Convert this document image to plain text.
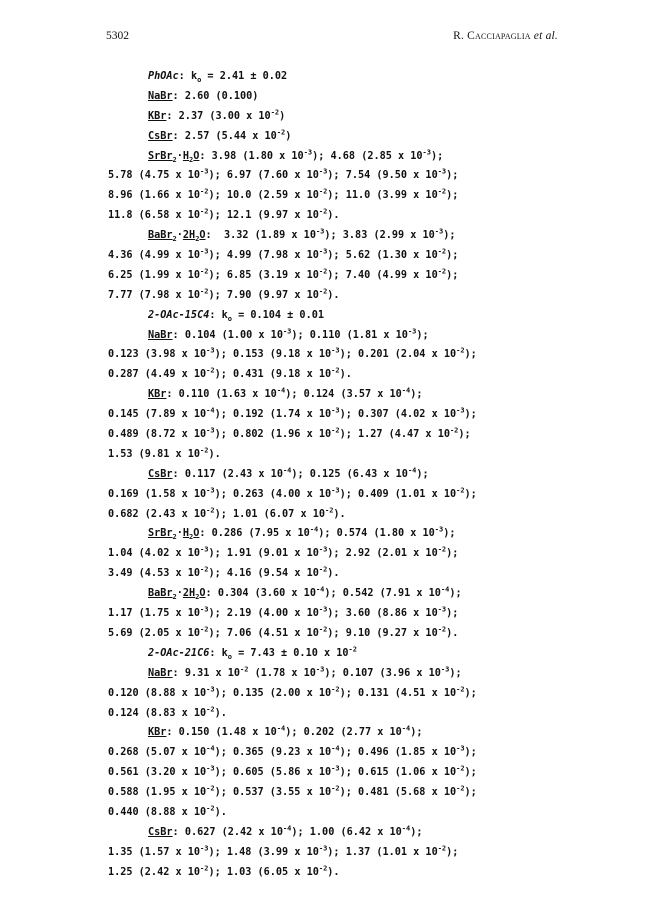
5302	R. Cacciapaglia et al.
PhOAc: $k_o = 2.41 \pm 0.02$
NaBr: 2.60 (0.100)
KBr: 2.37 (3.00 x $10^{-2}$)
CsBr: 2.57 (5.44 x $10^{-2}$)
$SrBr_2\cdot H_2O$: 3.98 (1.80 x $10^{-3}$); 4.68 (2.85 x $10^{-3}$);
5.78 (4.75 x $10^{-3}$); 6.97 (7.60 x $10^{-3}$); 7.54 (9.50 x $10^{-3}$);
8.96 (1.66 x $10^{-2}$); 10.0 (2.59 x $10^{-2}$); 11.0 (3.99 x $10^{-2}$);
11.8 (6.58 x $10^{-2}$); 12.1 (9.97 x $10^{-2}$).
$BaBr_2\cdot 2H_2O$:  3.32 (1.89 x $10^{-3}$); 3.83 (2.99 x $10^{-3}$);
4.36 (4.99 x $10^{-3}$); 4.99 (7.98 x $10^{-3}$); 5.62 (1.30 x $10^{-2}$);
6.25 (1.99 x $10^{-2}$); 6.85 (3.19 x $10^{-2}$); 7.40 (4.99 x $10^{-2}$);
7.77 (7.98 x $10^{-2}$); 7.90 (9.97 x $10^{-2}$).
2-OAc-15C4: $k_o = 0.104 \pm 0.01$
NaBr: 0.104 (1.00 x $10^{-3}$); 0.110 (1.81 x $10^{-3}$);
0.123 (3.98 x $10^{-3}$); 0.153 (9.18 x $10^{-3}$); 0.201 (2.04 x $10^{-2}$);
0.287 (4.49 x $10^{-2}$); 0.431 (9.18 x $10^{-2}$).
KBr: 0.110 (1.63 x $10^{-4}$); 0.124 (3.57 x $10^{-4}$);
0.145 (7.89 x $10^{-4}$); 0.192 (1.74 x $10^{-3}$); 0.307 (4.02 x $10^{-3}$);
0.489 (8.72 x $10^{-3}$); 0.802 (1.96 x $10^{-2}$); 1.27 (4.47 x $10^{-2}$);
1.53 (9.81 x $10^{-2}$).
CsBr: 0.117 (2.43 x $10^{-4}$); 0.125 (6.43 x $10^{-4}$);
0.169 (1.58 x $10^{-3}$); 0.263 (4.00 x $10^{-3}$); 0.409 (1.01 x $10^{-2}$);
0.682 (2.43 x $10^{-2}$); 1.01 (6.07 x $10^{-2}$).
$SrBr_2\cdot H_2O$: 0.286 (7.95 x $10^{-4}$); 0.574 (1.80 x $10^{-3}$);
1.04 (4.02 x $10^{-3}$); 1.91 (9.01 x $10^{-3}$); 2.92 (2.01 x $10^{-2}$);
3.49 (4.53 x $10^{-2}$); 4.16 (9.54 x $10^{-2}$).
$BaBr_2\cdot 2H_2O$: 0.304 (3.60 x $10^{-4}$); 0.542 (7.91 x $10^{-4}$);
1.17 (1.75 x $10^{-3}$); 2.19 (4.00 x $10^{-3}$); 3.60 (8.86 x $10^{-3}$);
5.69 (2.05 x $10^{-2}$); 7.06 (4.51 x $10^{-2}$); 9.10 (9.27 x $10^{-2}$).
2-OAc-21C6: $k_o = 7.43 \pm 0.10$ x $10^{-2}$
NaBr: 9.31 x $10^{-2}$ (1.78 x $10^{-3}$); 0.107 (3.96 x $10^{-3}$);
0.120 (8.88 x $10^{-3}$); 0.135 (2.00 x $10^{-2}$); 0.131 (4.51 x $10^{-2}$);
0.124 (8.83 x $10^{-2}$).
KBr: 0.150 (1.48 x $10^{-4}$); 0.202 (2.77 x $10^{-4}$);
0.268 (5.07 x $10^{-4}$); 0.365 (9.23 x $10^{-4}$); 0.496 (1.85 x $10^{-3}$);
0.561 (3.20 x $10^{-3}$); 0.605 (5.86 x $10^{-3}$); 0.615 (1.06 x $10^{-2}$);
0.588 (1.95 x $10^{-2}$); 0.537 (3.55 x $10^{-2}$); 0.481 (5.68 x $10^{-2}$);
0.440 (8.88 x $10^{-2}$).
CsBr: 0.627 (2.42 x $10^{-4}$); 1.00 (6.42 x $10^{-4}$);
1.35 (1.57 x $10^{-3}$); 1.48 (3.99 x $10^{-3}$); 1.37 (1.01 x $10^{-2}$);
1.25 (2.42 x $10^{-2}$); 1.03 (6.05 x $10^{-2}$).
